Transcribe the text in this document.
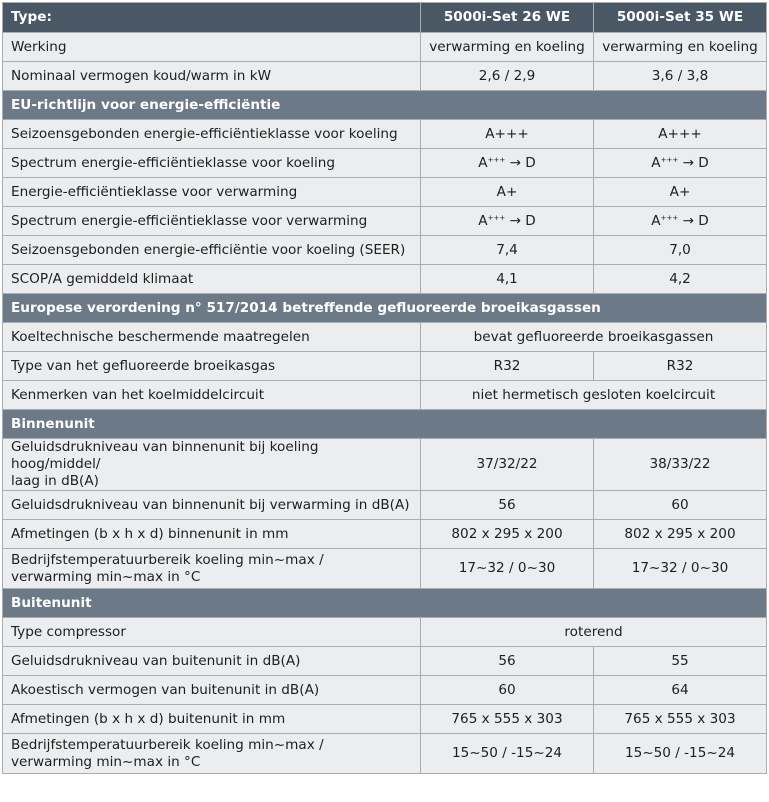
Type:	5000i-Set 26 WE	5000i-Set 35 WE
Werking	verwarming en koeling	verwarming en koeling
Nominaal vermogen koud/warm in kW	2,6 / 2,9	3,6 / 3,8
EU-richtlijn voor energie-efficiëntie		
Seizoensgebonden energie-efficiëntieklasse voor koeling	A+++	A+++
Spectrum energie-efficiëntieklasse voor koeling	A+++ → D	A+++ → D
Energie-efficiëntieklasse voor verwarming	A+	A+
Spectrum energie-efficiëntieklasse voor verwarming	A+++ → D	A+++ → D
Seizoensgebonden energie-efficiëntie voor koeling (SEER)	7,4	7,0
SCOP/A gemiddeld klimaat	4,1	4,2
Europese verordening n° 517/2014 betreffende gefluoreerde broeikasgassen		
Koeltechnische beschermende maatregelen	bevat gefluoreerde broeikasgassen	
Type van het gefluoreerde broeikasgas	R32	R32
Kenmerken van het koelmiddelcircuit	niet hermetisch gesloten koelcircuit	
Binnenunit		
Geluidsdrukniveau van binnenunit bij koeling hoog/middel/
laag in dB(A)	37/32/22	38/33/22
Geluidsdrukniveau van binnenunit bij verwarming in dB(A)	56	60
Afmetingen (b x h x d) binnenunit in mm	802 x 295 x 200	802 x 295 x 200
Bedrijfstemperatuurbereik koeling min~max /
verwarming min~max in °C	17~32 / 0~30	17~32 / 0~30
Buitenunit		
Type compressor	roterend	
Geluidsdrukniveau van buitenunit in dB(A)	56	55
Akoestisch vermogen van buitenunit in dB(A)	60	64
Afmetingen (b x h x d) buitenunit in mm	765 x 555 x 303	765 x 555 x 303
Bedrijfstemperatuurbereik koeling min~max /
verwarming min~max in °C	15~50 / -15~24	15~50 / -15~24
